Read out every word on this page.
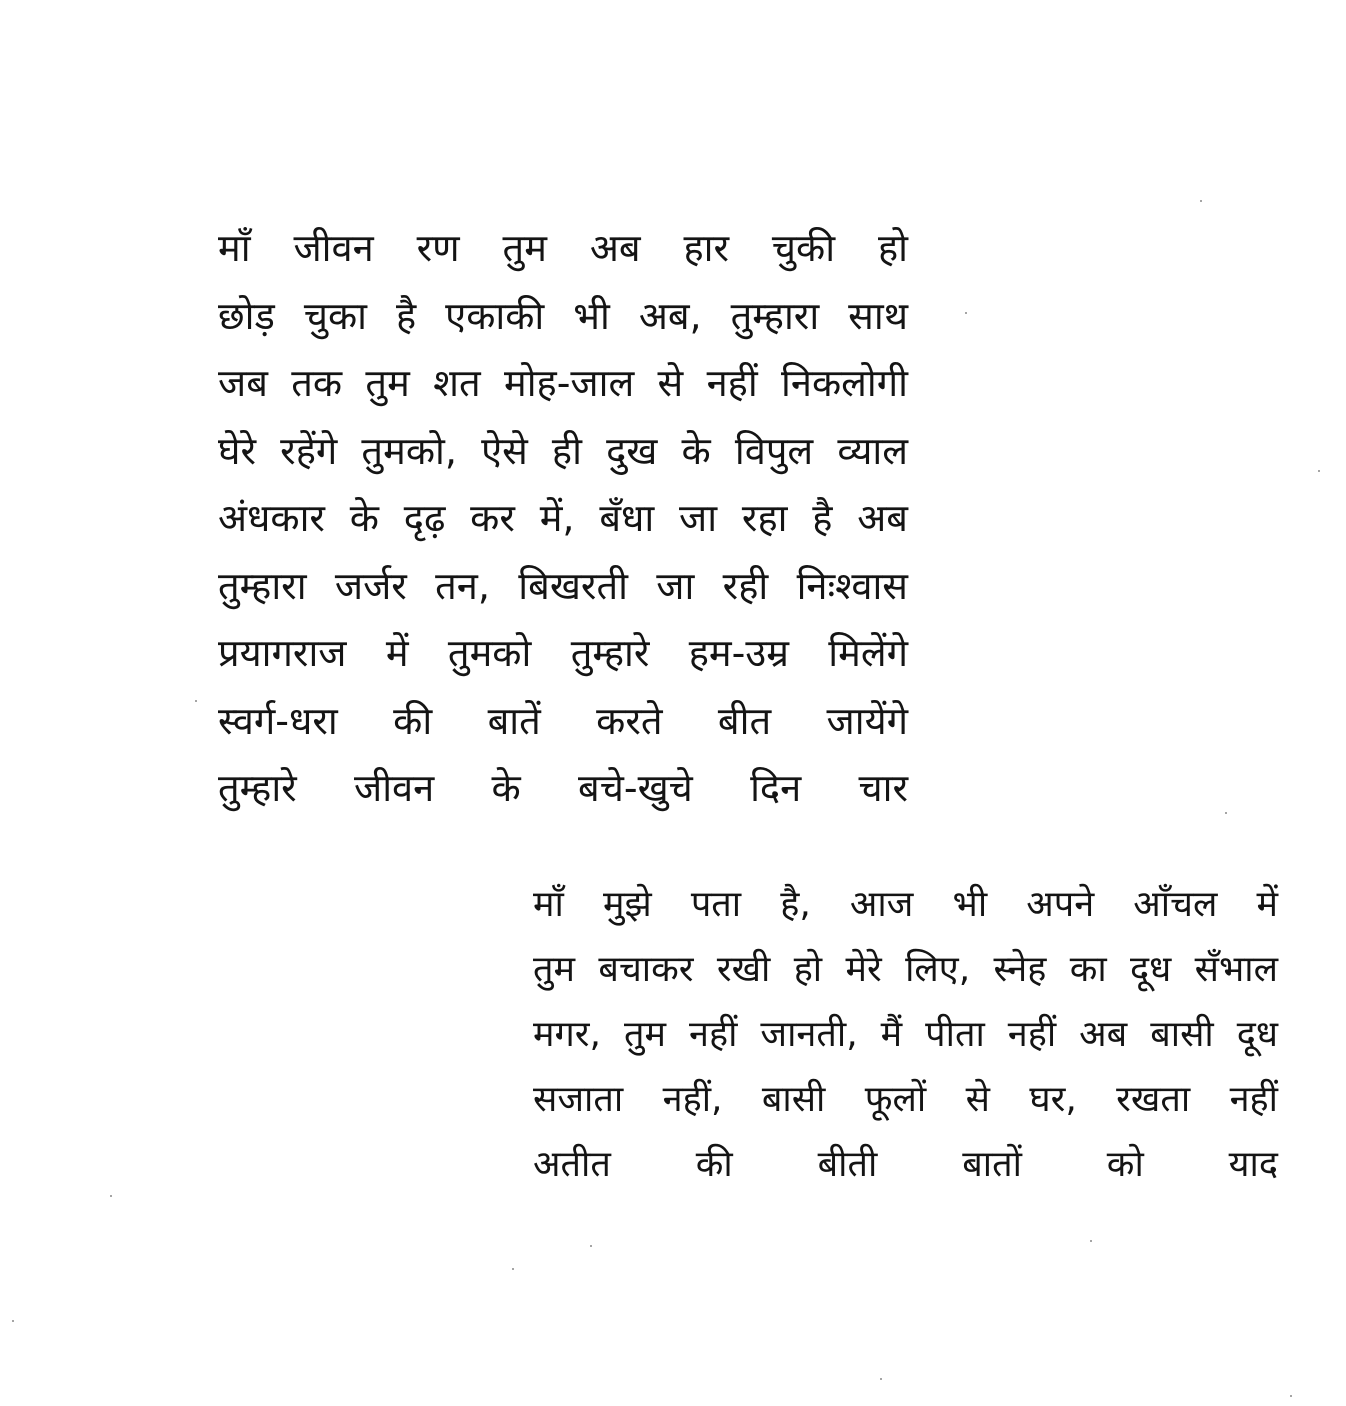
माँ जीवन रण तुम अब हार चुकी हो
छोड़ चुका है एकाकी भी अब, तुम्हारा साथ
जब तक तुम शत मोह-जाल से नहीं निकलोगी
घेरे रहेंगे तुमको, ऐसे ही दुख के विपुल व्याल
अंधकार के दृढ़ कर में, बँधा जा रहा है अब
तुम्हारा जर्जर तन, बिखरती जा रही निःश्वास
प्रयागराज में तुमको तुम्हारे हम-उम्र मिलेंगे
स्वर्ग-धरा की बातें करते बीत जायेंगे
तुम्हारे जीवन के बचे-खुचे दिन चार
माँ मुझे पता है, आज भी अपने आँचल में
तुम बचाकर रखी हो मेरे लिए, स्नेह का दूध सँभाल
मगर, तुम नहीं जानती, मैं पीता नहीं अब बासी दूध
सजाता नहीं, बासी फूलों से घर, रखता नहीं
अतीत की बीती बातों को याद
